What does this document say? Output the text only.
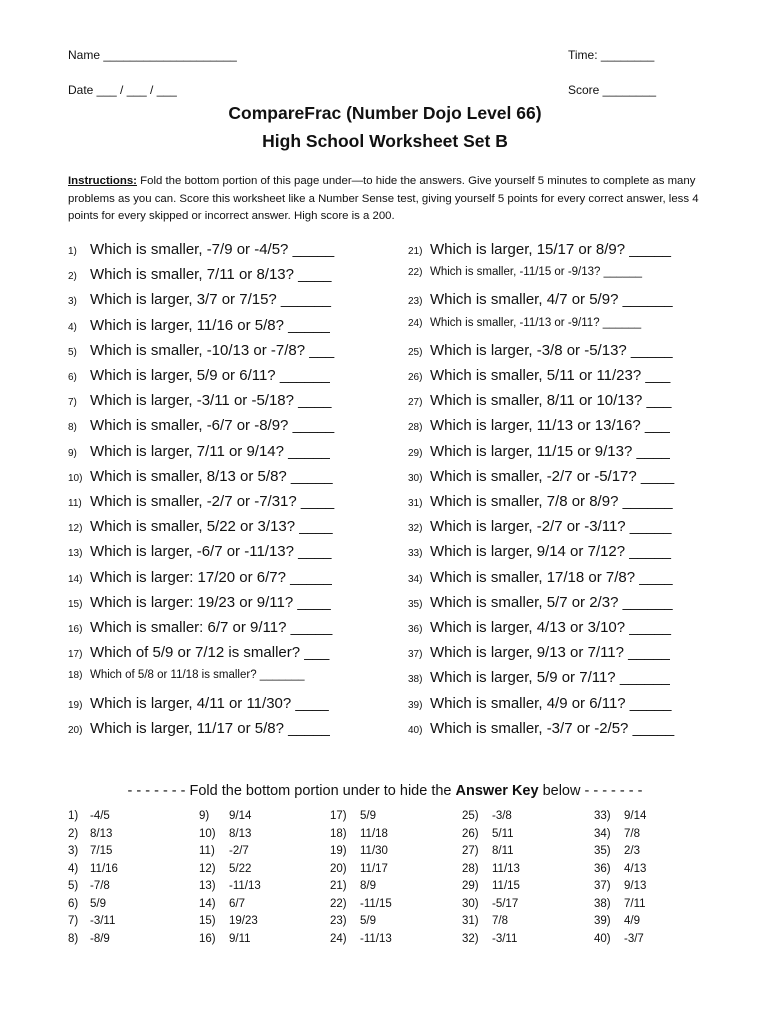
Name ____________________	Time: ________
Date ___ / ___ / ___	Score ________
CompareFrac (Number Dojo Level 66)
High School Worksheet Set B
Instructions: Fold the bottom portion of this page under—to hide the answers. Give yourself 5 minutes to complete as many problems as you can. Score this worksheet like a Number Sense test, giving yourself 5 points for every correct answer, less 4 points for every skipped or incorrect answer. High score is a 200.
1) Which is smaller, -7/9 or -4/5? _____
2) Which is smaller, 7/11 or 8/13? ____
3) Which is larger, 3/7 or 7/15? ______
4) Which is larger, 11/16 or 5/8? _____
5) Which is smaller, -10/13 or -7/8? ___
6) Which is larger, 5/9 or 6/11? ______
7) Which is larger, -3/11 or -5/18? ____
8) Which is smaller, -6/7 or -8/9? _____
9) Which is larger, 7/11 or 9/14? _____
10) Which is smaller, 8/13 or 5/8? _____
11) Which is smaller, -2/7 or -7/31? ____
12) Which is smaller, 5/22 or 3/13? ____
13) Which is larger, -6/7 or -11/13? ____
14) Which is larger: 17/20 or 6/7? _____
15) Which is larger: 19/23 or 9/11? ____
16) Which is smaller: 6/7 or 9/11? _____
17) Which of 5/9 or 7/12 is smaller? ___
18) Which of 5/8 or 11/18 is smaller? _______
19) Which is larger, 4/11 or 11/30? ____
20) Which is larger, 11/17 or 5/8? _____
21) Which is larger, 15/17 or 8/9? _____
22) Which is smaller, -11/15 or -9/13? ______
23) Which is smaller, 4/7 or 5/9? ______
24) Which is smaller, -11/13 or -9/11? ______
25) Which is larger, -3/8 or -5/13? _____
26) Which is smaller, 5/11 or 11/23? ___
27) Which is smaller, 8/11 or 10/13? ___
28) Which is larger, 11/13 or 13/16? ___
29) Which is larger, 11/15 or 9/13? ____
30) Which is smaller, -2/7 or -5/17? ____
31) Which is smaller, 7/8 or 8/9? ______
32) Which is larger, -2/7 or -3/11? _____
33) Which is larger, 9/14 or 7/12? _____
34) Which is smaller, 17/18 or 7/8? ____
35) Which is smaller, 5/7 or 2/3? ______
36) Which is larger, 4/13 or 3/10? _____
37) Which is larger, 9/13 or 7/11? _____
38) Which is larger, 5/9 or 7/11? ______
39) Which is smaller, 4/9 or 6/11? _____
40) Which is smaller, -3/7 or -2/5? _____
- - - - - - - Fold the bottom portion under to hide the Answer Key below - - - - - - -
1)	-4/5
2)	8/13
3)	7/15
4)	11/16
5)	-7/8
6)	5/9
7)	-3/11
8)	-8/9
9)	9/14
10)	8/13
11)	-2/7
12)	5/22
13)	-11/13
14)	6/7
15)	19/23
16)	9/11
17)	5/9
18)	11/18
19)	11/30
20)	11/17
21)	8/9
22)	-11/15
23)	5/9
24)	-11/13
25)	-3/8
26)	5/11
27)	8/11
28)	11/13
29)	11/15
30)	-5/17
31)	7/8
32)	-3/11
33)	9/14
34)	7/8
35)	2/3
36)	4/13
37)	9/13
38)	7/11
39)	4/9
40)	-3/7
